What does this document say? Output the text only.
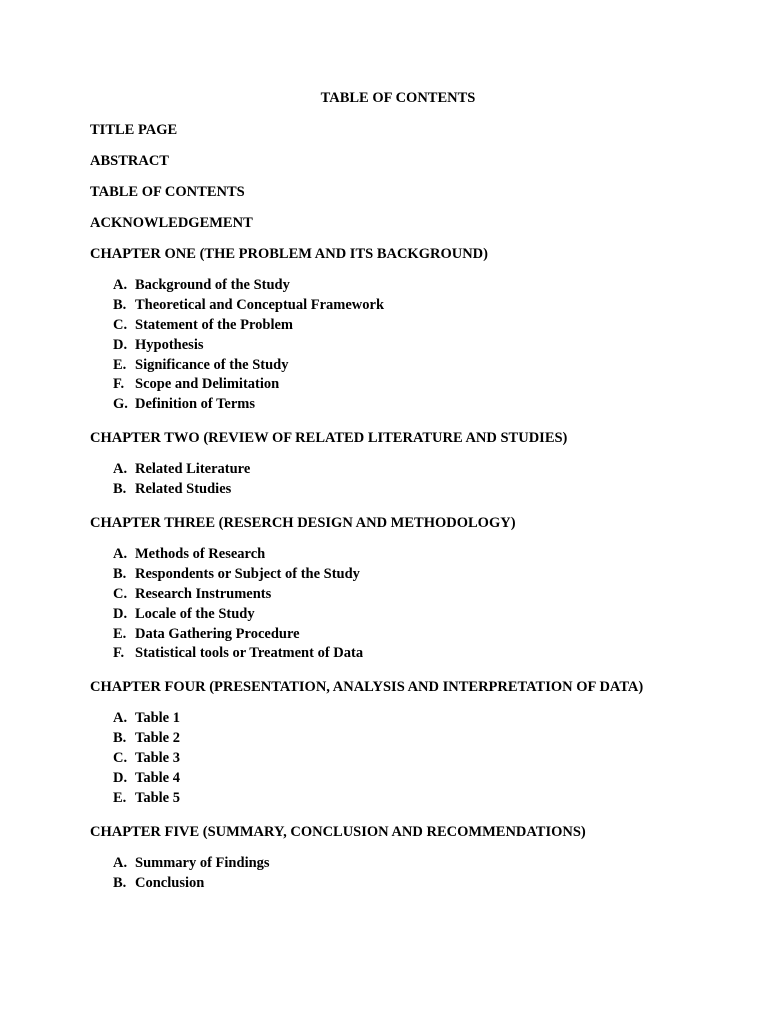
TABLE OF CONTENTS
TITLE PAGE
ABSTRACT
TABLE OF CONTENTS
ACKNOWLEDGEMENT
CHAPTER ONE (THE PROBLEM AND ITS BACKGROUND)
A. Background of the Study
B. Theoretical and Conceptual Framework
C. Statement of the Problem
D. Hypothesis
E. Significance of the Study
F. Scope and Delimitation
G. Definition of Terms
CHAPTER TWO (REVIEW OF RELATED LITERATURE AND STUDIES)
A. Related Literature
B. Related Studies
CHAPTER THREE (RESERCH DESIGN AND METHODOLOGY)
A. Methods of Research
B. Respondents or Subject of the Study
C. Research Instruments
D. Locale of the Study
E. Data Gathering Procedure
F. Statistical tools or Treatment of Data
CHAPTER FOUR (PRESENTATION, ANALYSIS AND INTERPRETATION OF DATA)
A. Table 1
B. Table 2
C. Table 3
D. Table 4
E. Table 5
CHAPTER FIVE (SUMMARY, CONCLUSION AND RECOMMENDATIONS)
A. Summary of Findings
B. Conclusion
